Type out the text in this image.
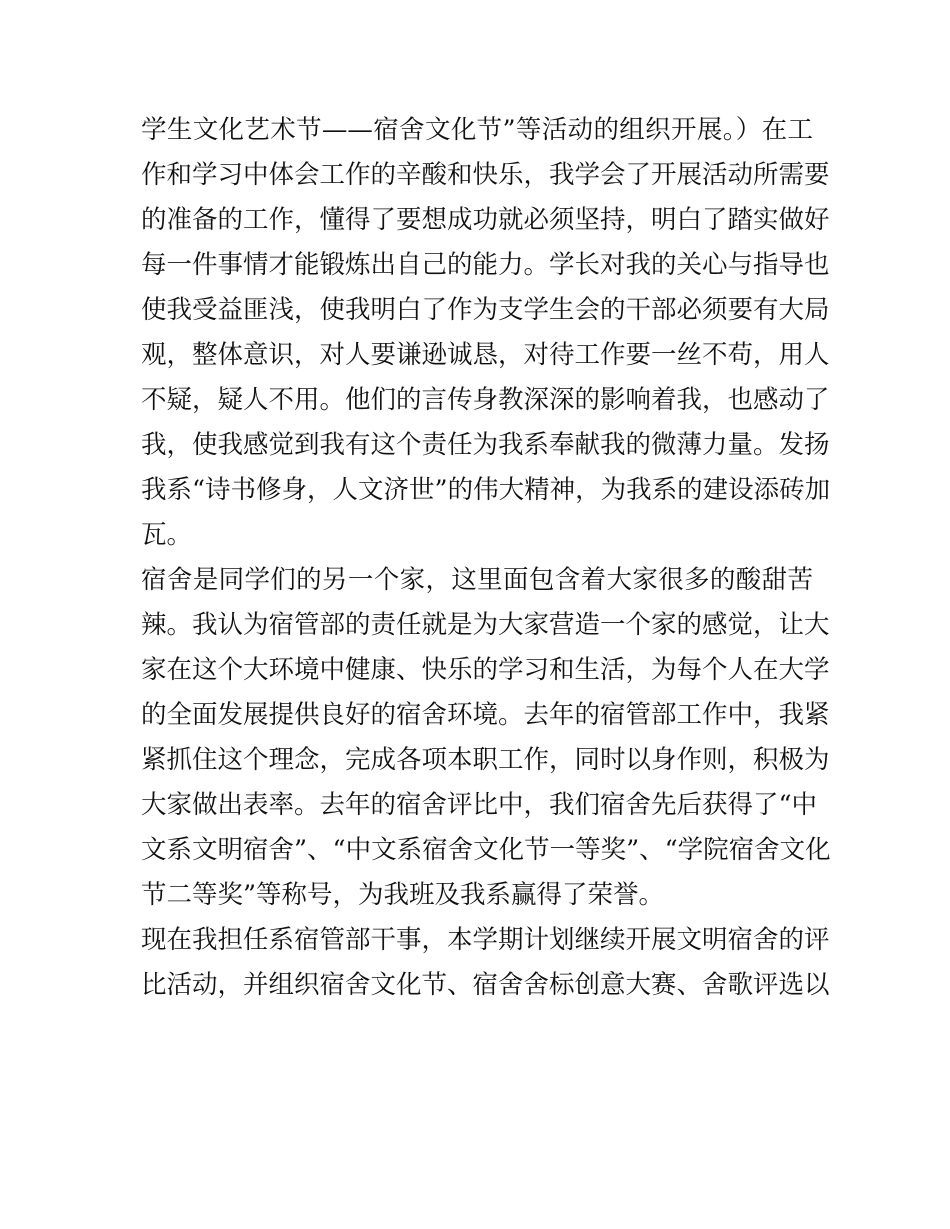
学生文化艺术节——宿舍文化节”等活动的组织开展。）在工
作和学习中体会工作的辛酸和快乐，我学会了开展活动所需要
的准备的工作，懂得了要想成功就必须坚持，明白了踏实做好
每一件事情才能锻炼出自己的能力。学长对我的关心与指导也
使我受益匪浅，使我明白了作为支学生会的干部必须要有大局
观，整体意识，对人要谦逊诚恳，对待工作要一丝不苟，用人
不疑，疑人不用。他们的言传身教深深的影响着我，也感动了
我，使我感觉到我有这个责任为我系奉献我的微薄力量。发扬
我系“诗书修身，人文济世”的伟大精神，为我系的建设添砖加
瓦。
宿舍是同学们的另一个家，这里面包含着大家很多的酸甜苦
辣。我认为宿管部的责任就是为大家营造一个家的感觉，让大
家在这个大环境中健康、快乐的学习和生活，为每个人在大学
的全面发展提供良好的宿舍环境。去年的宿管部工作中，我紧
紧抓住这个理念，完成各项本职工作，同时以身作则，积极为
大家做出表率。去年的宿舍评比中，我们宿舍先后获得了“中
文系文明宿舍”、“中文系宿舍文化节一等奖”、“学院宿舍文化
节二等奖”等称号，为我班及我系赢得了荣誉。
现在我担任系宿管部干事，本学期计划继续开展文明宿舍的评
比活动，并组织宿舍文化节、宿舍舍标创意大赛、舍歌评选以
